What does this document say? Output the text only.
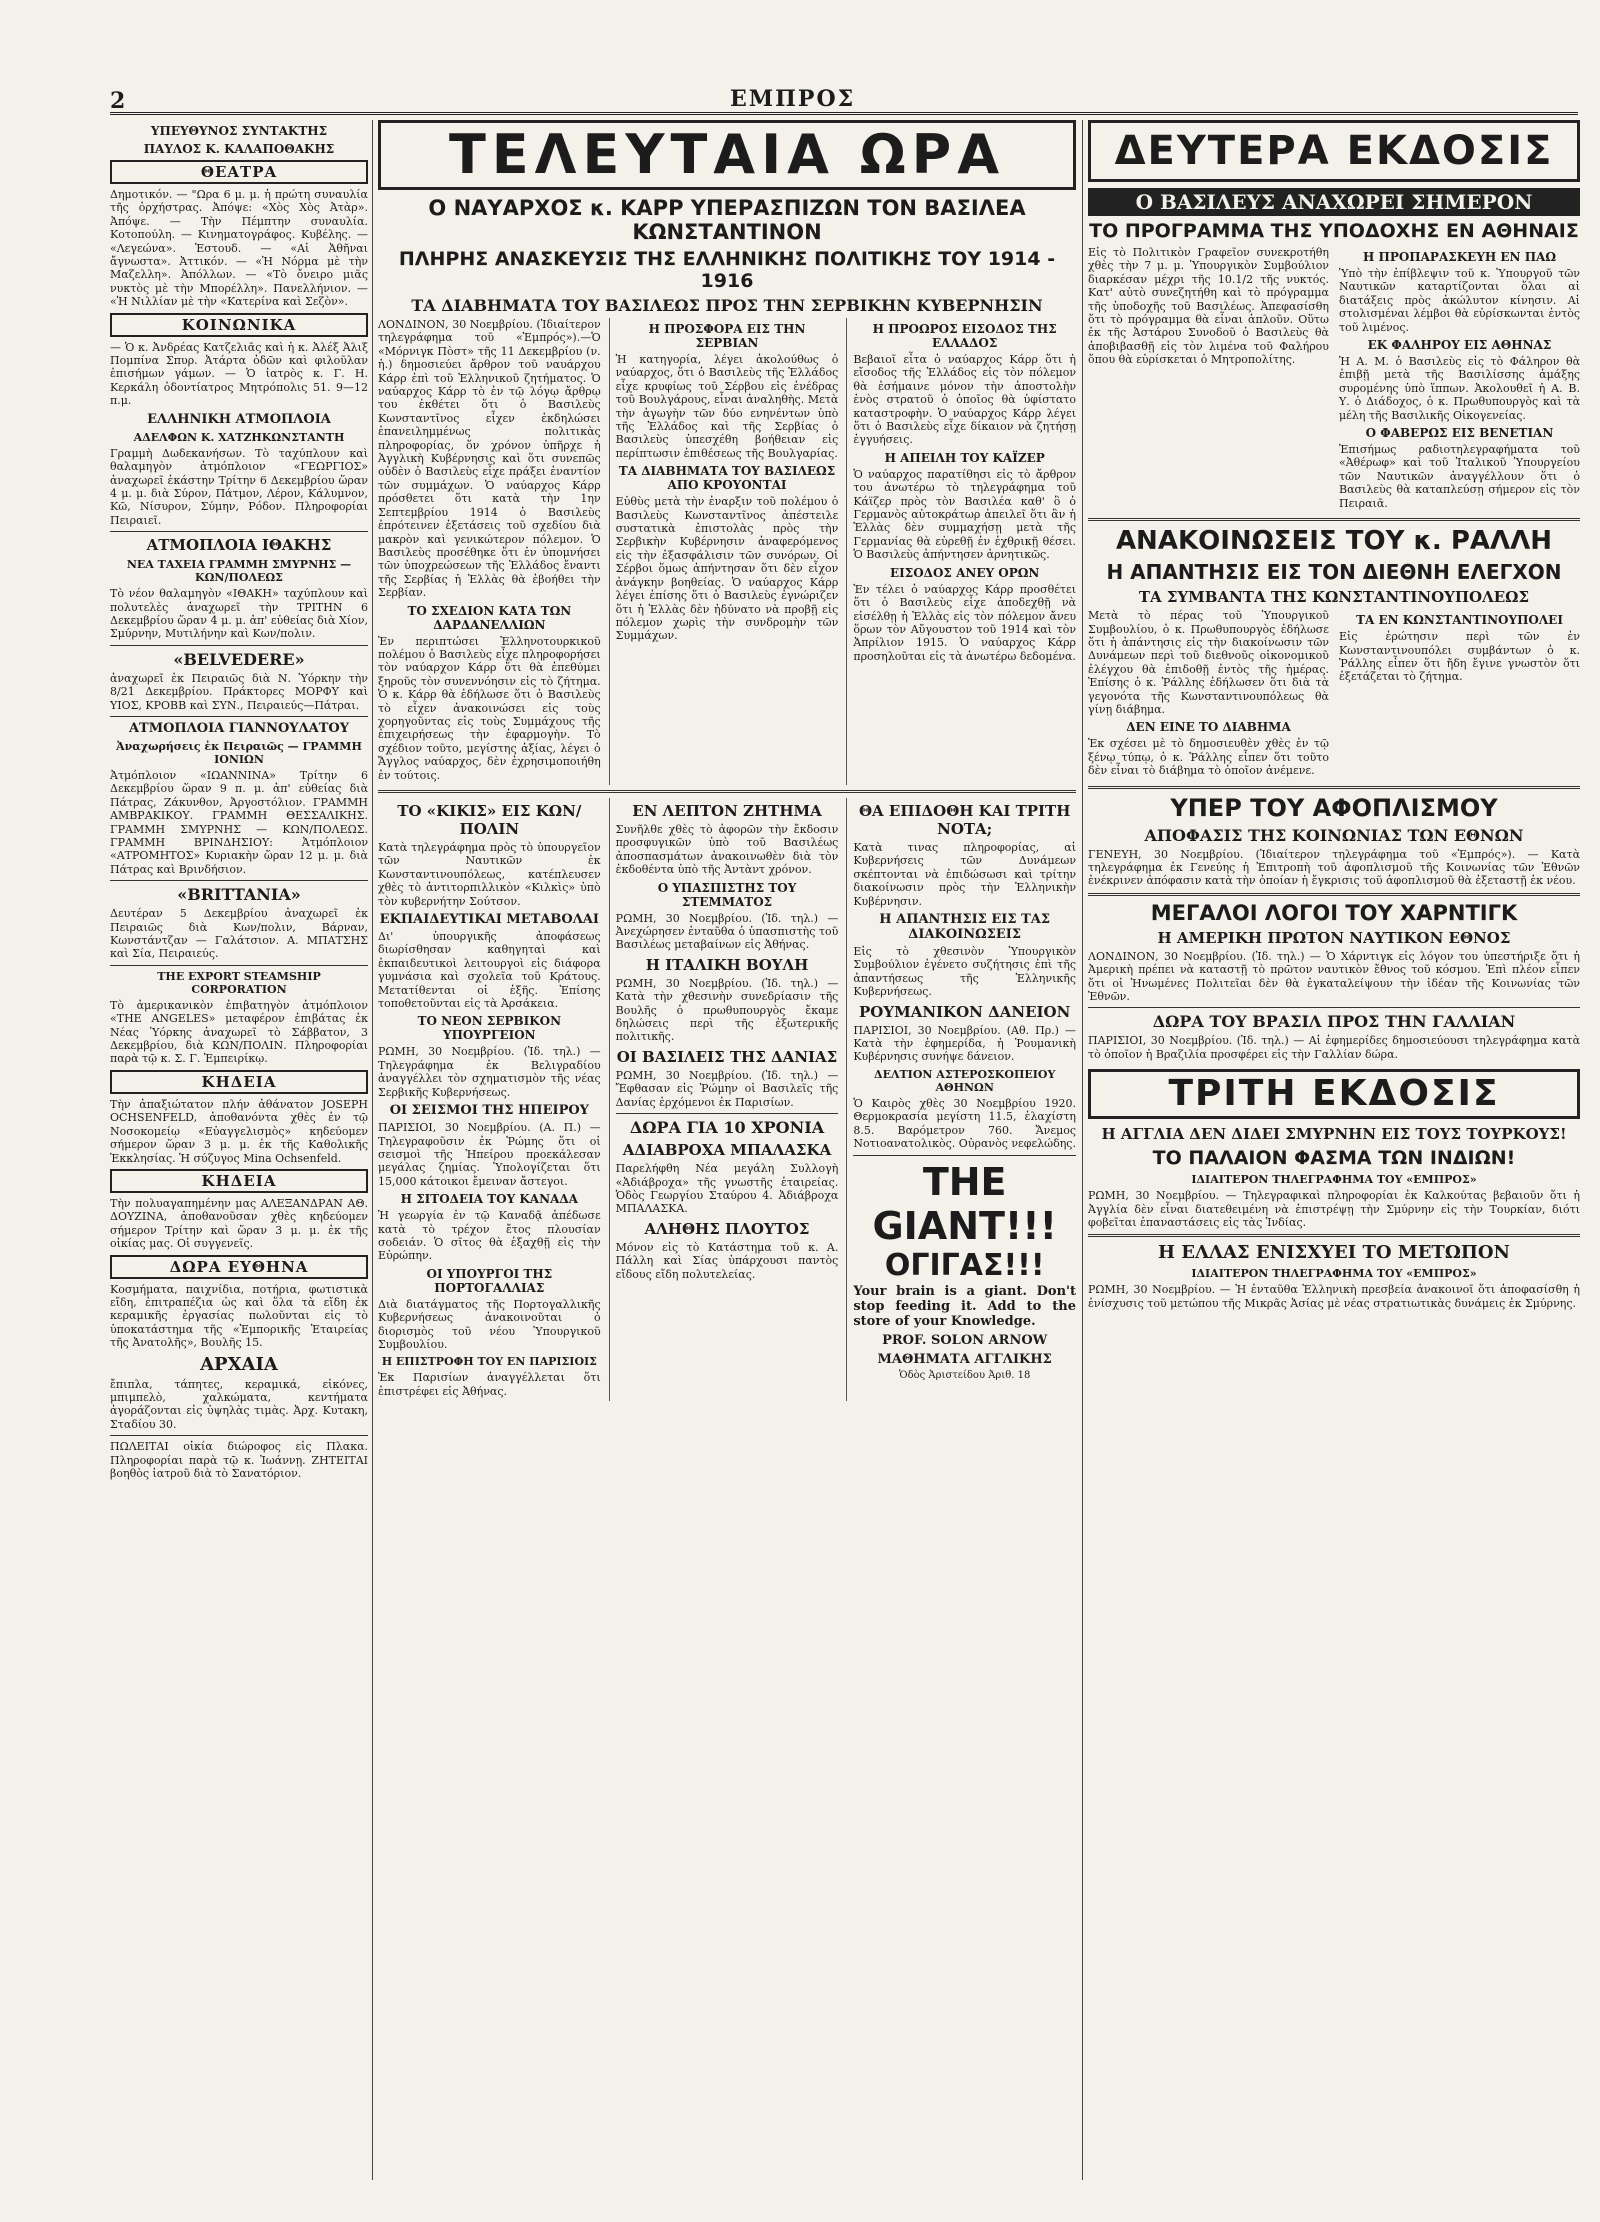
2	ΕΜΠΡΟΣ
ΥΠΕΥΘΥΝΟΣ ΣΥΝΤΑΚΤΗΣ
ΠΑΥΛΟΣ Κ. ΚΑΛΑΠΟΘΑΚΗΣ
ΘΕΑΤΡΑ

Δημοτικόν. — "Ωρα 6 μ. μ. ἡ πρώτη συναυλία τῆς ὀρχήστρας. Ἀπόψε: «Χὸς Χὸς Ἀτὰρ». Ἀπόψε. — Τὴν Πέμπτην συναυλία. Κοτοπούλη. — Κινηματογράφος. Κυβέλης. — «Λεγεώνα». Ἑστουδ. — «Αἱ Ἀθῆναι ἄγνωστα». Ἀττικόν. — «Ἡ Νόρμα μὲ τὴν Μαζελλη». Ἀπόλλων. — «Τὸ ὄνειρο μιᾶς νυκτὸς μὲ τὴν Μπορέλλη». Πανελλήνιον. — «Ἡ Νιλλίαν μὲ τὴν «Κατερίνα καὶ Σεζὸν».

ΚΟΙΝΩΝΙΚΑ

— Ὁ κ. Ἀνδρέας Κατζελιᾶς καὶ ἡ κ. Ἀλέξ Ἀλιξ Πομπίνα Σπυρ. Ἀτάρτα ὁδῶν καὶ φιλοῦλαν ἐπισήμων γάμων. — Ὁ ἰατρὸς κ. Γ. Η. Κερκάλη ὁδοντίατρος Μητρόπολις 51. 9—12 π.μ.

ΕΛΛΗΝΙΚΗ ΑΤΜΟΠΛΟΙΑ
ΑΔΕΛΦΩΝ Κ. ΧΑΤΖΗΚΩΝΣΤΑΝΤΗ

Γραμμὴ Δωδεκανήσων. Τὸ ταχύπλουν καὶ θαλαμηγὸν ἀτμόπλοιον «ΓΕΩΡΓΙΟΣ» ἀναχωρεῖ ἑκάστην Τρίτην 6 Δεκεμβρίου ὥραν 4 μ. μ. διὰ Σύρον, Πάτμον, Λέρον, Κάλυμνον, Κῶ, Νίσυρον, Σύμην, Ρόδον. Πληροφορίαι Πειραιεῖ.

ΑΤΜΟΠΛΟΙΑ ΙΘΑΚΗΣ
ΝΕΑ ΤΑΧΕΙΑ ΓΡΑΜΜΗ ΣΜΥΡΝΗΣ — ΚΩΝ/ΠΟΛΕΩΣ

Τὸ νέον θαλαμηγὸν «ΙΘΑΚΗ» ταχύπλουν καὶ πολυτελὲς ἀναχωρεῖ τὴν ΤΡΙΤΗΝ 6 Δεκεμβρίου ὥραν 4 μ. μ. ἀπ' εὐθείας διὰ Χίον, Σμύρνην, Μυτιλήνην καὶ Κων/πολιν.

«BELVEDERE»

ἀναχωρεῖ ἐκ Πειραιῶς διὰ Ν. Ὑόρκην τὴν 8/21 Δεκεμβρίου. Πράκτορες ΜΟΡΦΥ καὶ ΥΙΟΣ, ΚΡΟΒΒ καὶ ΣΥΝ., Πειραιεύς—Πάτραι.

ΑΤΜΟΠΛΟΙΑ ΓΙΑΝΝΟΥΛΑΤΟΥ
Ἀναχωρήσεις ἐκ Πειραιῶς — ΓΡΑΜΜΗ ΙΟΝΙΩΝ

Ἀτμόπλοιον «ΙΩΑΝΝΙΝΑ» Τρίτην 6 Δεκεμβρίου ὥραν 9 π. μ. ἀπ' εὐθείας διὰ Πάτρας, Ζάκυνθον, Ἀργοστόλιον. ΓΡΑΜΜΗ ΑΜΒΡΑΚΙΚΟΥ. ΓΡΑΜΜΗ ΘΕΣΣΑΛΙΚΗΣ. ΓΡΑΜΜΗ ΣΜΥΡΝΗΣ — ΚΩΝ/ΠΟΛΕΩΣ. ΓΡΑΜΜΗ ΒΡΙΝΔΗΣΙΟΥ: Ἀτμόπλοιον «ΑΤΡΟΜΗΤΟΣ» Κυριακὴν ὥραν 12 μ. μ. διὰ Πάτρας καὶ Βρινδήσιον.

«BRITTANIA»

Δευτέραν 5 Δεκεμβρίου ἀναχωρεῖ ἐκ Πειραιῶς διὰ Κων/πολιν, Βάρναν, Κωνστάντζαν — Γαλάτσιον. Α. ΜΠΑΤΣΗΣ καὶ Σία, Πειραιεύς.

THE EXPORT STEAMSHIP CORPORATION

Τὸ ἀμερικανικὸν ἐπιβατηγὸν ἀτμόπλοιον «THE ANGELES» μεταφέρον ἐπιβάτας ἐκ Νέας Ὑόρκης ἀναχωρεῖ τὸ Σάββατον, 3 Δεκεμβρίου, διὰ ΚΩΝ/ΠΟΛΙΝ. Πληροφορίαι παρὰ τῷ κ. Σ. Γ. Ἐμπειρίκῳ.

ΚΗΔΕΙΑ

Τὴν ἀπαξιώτατον πλήν ἀθάνατον JOSEPH OCHSENFELD, ἀποθανόντα χθὲς ἐν τῷ Νοσοκομείῳ «Εὐαγγελισμὸς» κηδεύομεν σήμερον ὥραν 3 μ. μ. ἐκ τῆς Καθολικῆς Ἐκκλησίας. Ἡ σύζυγος Mina Ochsenfeld.

ΚΗΔΕΙΑ

Τὴν πολυαγαπημένην μας ΑΛΕΞΑΝΔΡΑΝ ΑΘ. ΔΟΥΖΙΝΑ, ἀποθανοῦσαν χθὲς κηδεύομεν σήμερον Τρίτην καὶ ὥραν 3 μ. μ. ἐκ τῆς οἰκίας μας. Οἱ συγγενεῖς.

ΔΩΡΑ ΕΥΘΗΝΑ

Κοσμήματα, παιχνίδια, ποτήρια, φωτιστικὰ εἴδη, ἐπιτραπέζια ὡς καὶ ὅλα τὰ εἴδη ἐκ κεραμικῆς ἐργασίας πωλοῦνται εἰς τὸ ὑποκατάστημα τῆς «Ἐμπορικῆς Ἑταιρείας τῆς Ἀνατολῆς», Βουλῆς 15.

ΑΡΧΑΙΑ

ἔπιπλα, τάπητες, κεραμικά, εἰκόνες, μπιμπελὸ, χαλκώματα, κεντήματα ἀγοράζονται εἰς ὑψηλὰς τιμὰς. Ἀρχ. Κυτακη, Σταδίου 30.

ΠΩΛΕΙΤΑΙ οἰκία διώροφος εἰς Πλακα. Πληροφορίαι παρὰ τῷ κ. Ἰωάννῃ. ΖΗΤΕΙΤΑΙ βοηθὸς ἰατροῦ διὰ τὸ Σανατόριον.

ΤΕΛΕΥΤΑΙΑ ΩΡΑ
Ο ΝΑΥΑΡΧΟΣ κ. ΚΑΡΡ ΥΠΕΡΑΣΠΙΖΩΝ ΤΟΝ ΒΑΣΙΛΕΑ ΚΩΝΣΤΑΝΤΙΝΟΝ
ΠΛΗΡΗΣ ΑΝΑΣΚΕΥΣΙΣ ΤΗΣ ΕΛΛΗΝΙΚΗΣ ΠΟΛΙΤΙΚΗΣ ΤΟΥ 1914 - 1916
ΤΑ ΔΙΑΒΗΜΑΤΑ ΤΟΥ ΒΑΣΙΛΕΩΣ ΠΡΟΣ ΤΗΝ ΣΕΡΒΙΚΗΝ ΚΥΒΕΡΝΗΣΙΝ

ΛΟΝΔΙΝΟΝ, 30 Νοεμβρίου. (Ἰδιαίτερον τηλεγράφημα τοῦ «Ἐμπρός»).—Ὁ «Μόρνιγκ Πὸστ» τῆς 11 Δεκεμβρίου (ν. ἡ.) δημοσιεύει ἄρθρον τοῦ ναυάρχου Κάρρ ἐπὶ τοῦ Ἑλληνικοῦ ζητήματος. Ὁ ναύαρχος Κάρρ τὸ ἐν τῷ λόγῳ ἄρθρῳ του ἐκθέτει ὅτι ὁ Βασιλεὺς Κωνσταντῖνος εἶχεν ἐκδηλώσει ἐπανειλημμένως πολιτικὰς πληροφορίας, ὅν χρόνον ὑπῆρχε ἡ Ἀγγλικὴ Κυβέρνησις καὶ ὅτι συνεπῶς οὐδὲν ὁ Βασιλεὺς εἶχε πράξει ἐναντίον τῶν συμμάχων. Ὁ ναύαρχος Κάρρ πρόσθετει ὅτι κατὰ τὴν 1ην Σεπτεμβρίου 1914 ὁ Βασιλεὺς ἐπρότεινεν ἐξετάσεις τοῦ σχεδίου διὰ μακρὸν καὶ γενικώτερον πόλεμον. Ὁ Βασιλεὺς προσέθηκε ὅτι ἐν ὑπομνήσει τῶν ὑποχρεώσεων τῆς Ἑλλάδος ἔναντι τῆς Σερβίας ἡ Ἑλλὰς θὰ ἐβοήθει τὴν Σερβίαν.

ΤΟ ΣΧΕΔΙΟΝ ΚΑΤΑ ΤΩΝ ΔΑΡΔΑΝΕΛΛΙΩΝ

Ἐν περιπτώσει Ἑλληνοτουρκικοῦ πολέμου ὁ Βασιλεὺς εἶχε πληροφορήσει τὸν ναύαρχον Κάρρ ὅτι θὰ ἐπεθύμει ξηροῦς τὸν συνεννόησιν εἰς τὸ ζήτημα. Ὁ κ. Κάρρ θὰ ἐδήλωσε ὅτι ὁ Βασιλεὺς τὸ εἶχεν ἀνακοινώσει εἰς τοὺς χορηγοῦντας εἰς τοὺς Συμμάχους τῆς ἐπιχειρήσεως τὴν ἐφαρμογὴν. Τὸ σχέδιον τοῦτο, μεγίστης ἀξίας, λέγει ὁ Ἄγγλος ναύαρχος, δὲν ἐχρησιμοποιήθη ἐν τούτοις.

Η ΠΡΟΣΦΟΡΑ ΕΙΣ ΤΗΝ ΣΕΡΒΙΑΝ

Ἡ κατηγορία, λέγει ἀκολούθως ὁ ναύαρχος, ὅτι ὁ Βασιλεὺς τῆς Ἑλλάδος εἶχε κρυφίως τοῦ Σέρβου εἰς ἐνέδρας τοῦ Βουλγάρους, εἶναι ἀναληθὴς. Μετὰ τὴν ἀγωγὴν τῶν δύο ενηνέντων ὑπὸ τῆς Ἑλλάδος καὶ τῆς Σερβίας ὁ Βασιλεὺς ὑπεσχέθη βοήθειαν εἰς περίπτωσιν ἐπιθέσεως τῆς Βουλγαρίας.

ΤΑ ΔΙΑΒΗΜΑΤΑ ΤΟΥ ΒΑΣΙΛΕΩΣ ΑΠΟ ΚΡΟΥΟΝΤΑΙ

Εὐθὺς μετὰ τὴν ἐναρξιν τοῦ πολέμου ὁ Βασιλεὺς Κωνσταντῖνος ἀπέστειλε συστατικὰ ἐπιστολὰς πρὸς τὴν Σερβικὴν Κυβέρνησιν ἀναφερόμενος εἰς τὴν ἐξασφάλισιν τῶν συνόρων. Οἱ Σέρβοι ὅμως ἀπήντησαν ὅτι δὲν εἶχον ἀνάγκην βοηθείας. Ὁ ναύαρχος Κάρρ λέγει ἐπίσης ὅτι ὁ Βασιλεὺς ἐγνώριζεν ὅτι ἡ Ἑλλὰς δὲν ἠδύνατο νὰ προβῇ εἰς πόλεμον χωρὶς τὴν συνδρομὴν τῶν Συμμάχων.

Η ΠΡΟΩΡΟΣ ΕΙΣΟΔΟΣ ΤΗΣ ΕΛΛΑΔΟΣ

Βεβαιοῖ εἶτα ὁ ναύαρχος Κάρρ ὅτι ἡ εἴσοδος τῆς Ἑλλάδος εἰς τὸν πόλεμον θὰ ἐσήμαινε μόνον τὴν ἀποστολὴν ἑνὸς στρατοῦ ὁ ὁποῖος θὰ ὑφίστατο καταστροφὴν. Ὁ ναύαρχος Κάρρ λέγει ὅτι ὁ Βασιλεὺς εἶχε δίκαιον νὰ ζητήσῃ ἐγγυήσεις.

Η ΑΠΕΙΛΗ ΤΟΥ ΚΑΪΖΕΡ

Ὁ ναύαρχος παρατίθησι εἰς τὸ ἄρθρον του ἀνωτέρω τὸ τηλεγράφημα τοῦ Κάϊζερ πρὸς τὸν Βασιλέα καθ' ὃ ὁ Γερμανὸς αὐτοκράτωρ ἀπειλεῖ ὅτι ἂν ἡ Ἑλλὰς δὲν συμμαχήσῃ μετὰ τῆς Γερμανίας θὰ εὑρεθῇ ἐν ἐχθρικῇ θέσει. Ὁ Βασιλεὺς ἀπήντησεν ἀρνητικῶς.

ΕΙΣΟΔΟΣ ΑΝΕΥ ΟΡΩΝ

Ἐν τέλει ὁ ναύαρχος Κάρρ προσθέτει ὅτι ὁ Βασιλεὺς εἶχε ἀποδεχθῇ νὰ εἰσέλθῃ ἡ Ἑλλὰς εἰς τὸν πόλεμον ἄνευ ὅρων τὸν Αὔγουστον τοῦ 1914 καὶ τὸν Ἀπρίλιον 1915. Ὁ ναύαρχος Κάρρ προσηλοῦται εἰς τὰ ἀνωτέρω δεδομένα.

ΤΟ «ΚΙΚΙΣ» ΕΙΣ ΚΩΝ/ΠΟΛΙΝ

Κατὰ τηλεγράφημα πρὸς τὸ ὑπουργεῖον τῶν Ναυτικῶν ἐκ Κωνσταντινουπόλεως, κατέπλευσεν χθὲς τὸ ἀντιτορπιλλικὸν «Κιλκὶς» ὑπὸ τὸν κυβερνήτην Σούτσον.

ΕΚΠΑΙΔΕΥΤΙΚΑΙ ΜΕΤΑΒΟΛΑΙ

Δι' ὑπουργικῆς ἀποφάσεως διωρίσθησαν καθηγηταὶ καὶ ἐκπαιδευτικοὶ λειτουργοὶ εἰς διάφορα γυμνάσια καὶ σχολεῖα τοῦ Κράτους. Μετατίθενται οἱ ἑξῆς. Ἐπίσης τοποθετοῦνται εἰς τὰ Ἀρσάκεια.

ΤΟ ΝΕΟΝ ΣΕΡΒΙΚΟΝ ΥΠΟΥΡΓΕΙΟΝ

ΡΩΜΗ, 30 Νοεμβρίου. (Ἰδ. τηλ.) — Τηλεγράφημα ἐκ Βελιγραδίου ἀναγγέλλει τὸν σχηματισμὸν τῆς νέας Σερβικῆς Κυβερνήσεως.

ΟΙ ΣΕΙΣΜΟΙ ΤΗΣ ΗΠΕΙΡΟΥ

ΠΑΡΙΣΙΟΙ, 30 Νοεμβρίου. (Α. Π.) — Τηλεγραφοῦσιν ἐκ Ῥώμης ὅτι οἱ σεισμοὶ τῆς Ἠπείρου προεκάλεσαν μεγάλας ζημίας. Ὑπολογίζεται ὅτι 15,000 κάτοικοι ἔμειναν ἄστεγοι.

Η ΣΙΤΟΔΕΙΑ ΤΟΥ ΚΑΝΑΔΑ

Ἡ γεωργία ἐν τῷ Καναδᾷ ἀπέδωσε κατὰ τὸ τρέχον ἔτος πλουσίαν σοδειάν. Ὁ σῖτος θὰ ἐξαχθῇ εἰς τὴν Εὐρώπην.

ΟΙ ΥΠΟΥΡΓΟΙ ΤΗΣ ΠΟΡΤΟΓΑΛΛΙΑΣ

Διὰ διατάγματος τῆς Πορτογαλλικῆς Κυβερνήσεως ἀνακοινοῦται ὁ διορισμὸς τοῦ νέου Ὑπουργικοῦ Συμβουλίου.

Η ΕΠΙΣΤΡΟΦΗ ΤΟΥ ΕΝ ΠΑΡΙΣΙΟΙΣ

Ἐκ Παρισίων ἀναγγέλλεται ὅτι ἐπιστρέφει εἰς Ἀθήνας.

ΕΝ ΛΕΠΤΟΝ ΖΗΤΗΜΑ

Συνῆλθε χθὲς τὸ ἀφορῶν τὴν ἔκδοσιν προσφυγικῶν ὑπὸ τοῦ Βασιλέως ἀποσπασμάτων ἀνακοινωθὲν διὰ τὸν ἐκδοθέντα ὑπὸ τῆς Ἀντὰντ χρόνον.

Ο ΥΠΑΣΠΙΣΤΗΣ ΤΟΥ ΣΤΕΜΜΑΤΟΣ

ΡΩΜΗ, 30 Νοεμβρίου. (Ἰδ. τηλ.) — Ἀνεχώρησεν ἐνταῦθα ὁ ὑπασπιστὴς τοῦ Βασιλέως μεταβαίνων εἰς Ἀθήνας.

Η ΙΤΑΛΙΚΗ ΒΟΥΛΗ

ΡΩΜΗ, 30 Νοεμβρίου. (Ἰδ. τηλ.) — Κατὰ τὴν χθεσινὴν συνεδρίασιν τῆς Βουλῆς ὁ πρωθυπουργὸς ἔκαμε δηλώσεις περὶ τῆς ἐξωτερικῆς πολιτικῆς.

ΟΙ ΒΑΣΙΛΕΙΣ ΤΗΣ ΔΑΝΙΑΣ

ΡΩΜΗ, 30 Νοεμβρίου. (Ἰδ. τηλ.) — Ἔφθασαν εἰς Ῥώμην οἱ Βασιλεῖς τῆς Δανίας ἐρχόμενοι ἐκ Παρισίων.

ΔΩΡΑ ΓΙΑ 10 ΧΡΟΝΙΑ
ΑΔΙΑΒΡΟΧΑ ΜΠΑΛΑΣΚΑ

Παρελήφθη Νέα μεγάλη Συλλογὴ «Ἀδιάβροχα» τῆς γνωστῆς ἑταιρείας. Ὁδὸς Γεωργίου Σταύρου 4. Ἀδιάβροχα ΜΠΑΛΑΣΚΑ.

ΑΛΗΘΗΣ ΠΛΟΥΤΟΣ

Μόνον εἰς τὸ Κατάστημα τοῦ κ. Α. Πάλλη καὶ Σίας ὑπάρχουσι παντὸς εἴδους εἴδη πολυτελείας.

ΘΑ ΕΠΙΔΟΘΗ ΚΑΙ ΤΡΙΤΗ ΝΟΤΑ;

Κατὰ τινας πληροφορίας, αἱ Κυβερνήσεις τῶν Δυνάμεων σκέπτονται νὰ ἐπιδώσωσι καὶ τρίτην διακοίνωσιν πρὸς τὴν Ἑλληνικὴν Κυβέρνησιν.

Η ΑΠΑΝΤΗΣΙΣ ΕΙΣ ΤΑΣ ΔΙΑΚΟΙΝΩΣΕΙΣ

Εἰς τὸ χθεσινὸν Ὑπουργικὸν Συμβούλιον ἐγένετο συζήτησις ἐπὶ τῆς ἀπαντήσεως τῆς Ἑλληνικῆς Κυβερνήσεως.

ΡΟΥΜΑΝΙΚΟΝ ΔΑΝΕΙΟΝ

ΠΑΡΙΣΙΟΙ, 30 Νοεμβρίου. (Αθ. Πρ.) — Κατὰ τὴν ἐφημερίδα, ἡ Ῥουμανικὴ Κυβέρνησις συνήψε δάνειον.

ΔΕΛΤΙΟΝ ΑΣΤΕΡΟΣΚΟΠΕΙΟΥ ΑΘΗΝΩΝ

Ὁ Καιρὸς χθὲς 30 Νοεμβρίου 1920. Θερμοκρασία μεγίστη 11.5, ἐλαχίστη 8.5. Βαρόμετρον 760. Ἄνεμος Νοτιοανατολικὸς. Οὐρανὸς νεφελώδης.

THE GIANT!!!
ΟΓΙΓΑΣ!!!

Your brain is a giant. Don't stop feeding it. Add to the store of your Knowledge.

PROF. SOLON ARNOW
ΜΑΘΗΜΑΤΑ ΑΓΓΛΙΚΗΣ

Ὁδὸς Ἀριστείδου Ἀριθ. 18

ΔΕΥΤΕΡΑ ΕΚΔΟΣΙΣ
Ο ΒΑΣΙΛΕΥΣ ΑΝΑΧΩΡΕΙ ΣΗΜΕΡΟΝ
ΤΟ ΠΡΟΓΡΑΜΜΑ ΤΗΣ ΥΠΟΔΟΧΗΣ ΕΝ ΑΘΗΝΑΙΣ

Εἰς τὸ Πολιτικὸν Γραφεῖον συνεκροτήθη χθὲς τὴν 7 μ. μ. Ὑπουργικὸν Συμβούλιον διαρκέσαν μέχρι τῆς 10.1/2 τῆς νυκτός. Κατ' αὐτὸ συνεζητήθη καὶ τὸ πρόγραμμα τῆς ὑποδοχῆς τοῦ Βασιλέως. Ἀπεφασίσθη ὅτι τὸ πρόγραμμα θὰ εἶναι ἁπλοῦν. Οὕτω ἐκ τῆς Ἀστάρου Συνοδοῦ ὁ Βασιλεὺς θὰ ἀποβιβασθῇ εἰς τὸν λιμένα τοῦ Φαλήρου ὅπου θὰ εὑρίσκεται ὁ Μητροπολίτης.

Η ΠΡΟΠΑΡΑΣΚΕΥΗ ΕΝ ΠΑΩ

Ὑπὸ τὴν ἐπίβλεψιν τοῦ κ. Ὑπουργοῦ τῶν Ναυτικῶν καταρτίζονται ὅλαι αἱ διατάξεις πρὸς ἀκώλυτον κίνησιν. Αἱ στολισμέναι λέμβοι θὰ εὑρίσκωνται ἐντὸς τοῦ λιμένος.

ΕΚ ΦΑΛΗΡΟΥ ΕΙΣ ΑΘΗΝΑΣ

Ἡ Α. Μ. ὁ Βασιλεὺς εἰς τὸ Φάληρον θὰ ἐπιβῇ μετὰ τῆς Βασιλίσσης ἁμάξης συρομένης ὑπὸ ἵππων. Ἀκολουθεῖ ἡ Α. Β. Υ. ὁ Διάδοχος, ὁ κ. Πρωθυπουργὸς καὶ τὰ μέλη τῆς Βασιλικῆς Οἰκογενείας.

Ο ΦΑΒΕΡΩΣ ΕΙΣ ΒΕΝΕΤΙΑΝ

Ἐπισήμως ραδιοτηλεγραφήματα τοῦ «Ἀθέρωφ» καὶ τοῦ Ἱταλικοῦ Ὑπουργείου τῶν Ναυτικῶν ἀναγγέλλουν ὅτι ὁ Βασιλεὺς θὰ καταπλεύσῃ σήμερον εἰς τὸν Πειραιᾶ.

ΑΝΑΚΟΙΝΩΣΕΙΣ ΤΟΥ κ. ΡΑΛΛΗ
Η ΑΠΑΝΤΗΣΙΣ ΕΙΣ ΤΟΝ ΔΙΕΘΝΗ ΕΛΕΓΧΟΝ
ΤΑ ΣΥΜΒΑΝΤΑ ΤΗΣ ΚΩΝΣΤΑΝΤΙΝΟΥΠΟΛΕΩΣ

Μετὰ τὸ πέρας τοῦ Ὑπουργικοῦ Συμβουλίου, ὁ κ. Πρωθυπουργὸς ἐδήλωσε ὅτι ἡ ἀπάντησις εἰς τὴν διακοίνωσιν τῶν Δυνάμεων περὶ τοῦ διεθνοῦς οἰκονομικοῦ ἐλέγχου θὰ ἐπιδοθῇ ἐντὸς τῆς ἡμέρας. Ἐπίσης ὁ κ. Ῥάλλης ἐδήλωσεν ὅτι διὰ τὰ γεγονότα τῆς Κωνσταντινουπόλεως θὰ γίνῃ διάβημα.

ΔΕΝ ΕΙΝΕ ΤΟ ΔΙΑΒΗΜΑ

Ἐκ σχέσει μὲ τὸ δημοσιευθὲν χθὲς ἐν τῷ ξένῳ τύπῳ, ὁ κ. Ῥάλλης εἶπεν ὅτι τοῦτο δὲν εἶναι τὸ διάβημα τὸ ὁποῖον ἀνέμενε.

ΤΑ ΕΝ ΚΩΝΣΤΑΝΤΙΝΟΥΠΟΛΕΙ

Εἰς ἐρώτησιν περὶ τῶν ἐν Κωνσταντινουπόλει συμβάντων ὁ κ. Ῥάλλης εἶπεν ὅτι ἤδη ἔγινε γνωστὸν ὅτι ἐξετάζεται τὸ ζήτημα.

ΥΠΕΡ ΤΟΥ ΑΦΟΠΛΙΣΜΟΥ
ΑΠΟΦΑΣΙΣ ΤΗΣ ΚΟΙΝΩΝΙΑΣ ΤΩΝ ΕΘΝΩΝ

ΓΕΝΕΥΗ, 30 Νοεμβρίου. (Ἰδιαίτερον τηλεγράφημα τοῦ «Ἐμπρός»). — Κατὰ τηλεγράφημα ἐκ Γενεύης ἡ Ἐπιτροπὴ τοῦ ἀφοπλισμοῦ τῆς Κοινωνίας τῶν Ἐθνῶν ἐνέκρινεν ἀπόφασιν κατὰ τὴν ὁποίαν ἡ ἔγκρισις τοῦ ἀφοπλισμοῦ θὰ ἐξεταστῇ ἐκ νέου.

ΜΕΓΑΛΟΙ ΛΟΓΟΙ ΤΟΥ ΧΑΡΝΤΙΓΚ
Η ΑΜΕΡΙΚΗ ΠΡΩΤΟΝ ΝΑΥΤΙΚΟΝ ΕΘΝΟΣ

ΛΟΝΔΙΝΟΝ, 30 Νοεμβρίου. (Ἰδ. τηλ.) — Ὁ Χάρντιγκ εἰς λόγον του ὑπεστήριξε ὅτι ἡ Ἀμερικὴ πρέπει νὰ καταστῇ τὸ πρῶτον ναυτικὸν ἔθνος τοῦ κόσμου. Ἐπὶ πλέον εἶπεν ὅτι οἱ Ἡνωμένες Πολιτεῖαι δὲν θὰ ἐγκαταλείψουν τὴν ἰδέαν τῆς Κοινωνίας τῶν Ἐθνῶν.

ΔΩΡΑ ΤΟΥ ΒΡΑΣΙΛ ΠΡΟΣ ΤΗΝ ΓΑΛΛΙΑΝ

ΠΑΡΙΣΙΟΙ, 30 Νοεμβρίου. (Ἰδ. τηλ.) — Αἱ ἐφημερίδες δημοσιεύουσι τηλεγράφημα κατὰ τὸ ὁποῖον ἡ Βραζιλία προσφέρει εἰς τὴν Γαλλίαν δώρα.

ΤΡΙΤΗ ΕΚΔΟΣΙΣ
Η ΑΓΓΛΙΑ ΔΕΝ ΔΙΔΕΙ ΣΜΥΡΝΗΝ ΕΙΣ ΤΟΥΣ ΤΟΥΡΚΟΥΣ!
ΤΟ ΠΑΛΑΙΟΝ ΦΑΣΜΑ ΤΩΝ ΙΝΔΙΩΝ!
ΙΔΙΑΙΤΕΡΟΝ ΤΗΛΕΓΡΑΦΗΜΑ ΤΟΥ «ΕΜΠΡΟΣ»

ΡΩΜΗ, 30 Νοεμβρίου. — Τηλεγραφικαὶ πληροφορίαι ἐκ Καλκούτας βεβαιοῦν ὅτι ἡ Ἀγγλία δὲν εἶναι διατεθειμένη νὰ ἐπιστρέψῃ τὴν Σμύρνην εἰς τὴν Τουρκίαν, διότι φοβεῖται ἐπαναστάσεις εἰς τὰς Ἰνδίας.

Η ΕΛΛΑΣ ΕΝΙΣΧΥΕΙ ΤΟ ΜΕΤΩΠΟΝ
ΙΔΙΑΙΤΕΡΟΝ ΤΗΛΕΓΡΑΦΗΜΑ ΤΟΥ «ΕΜΠΡΟΣ»

ΡΩΜΗ, 30 Νοεμβρίου. — Ἡ ἐνταῦθα Ἑλληνικὴ πρεσβεία ἀνακοινοῖ ὅτι ἀποφασίσθη ἡ ἐνίσχυσις τοῦ μετώπου τῆς Μικρᾶς Ἀσίας μὲ νέας στρατιωτικὰς δυνάμεις ἐκ Σμύρνης.
